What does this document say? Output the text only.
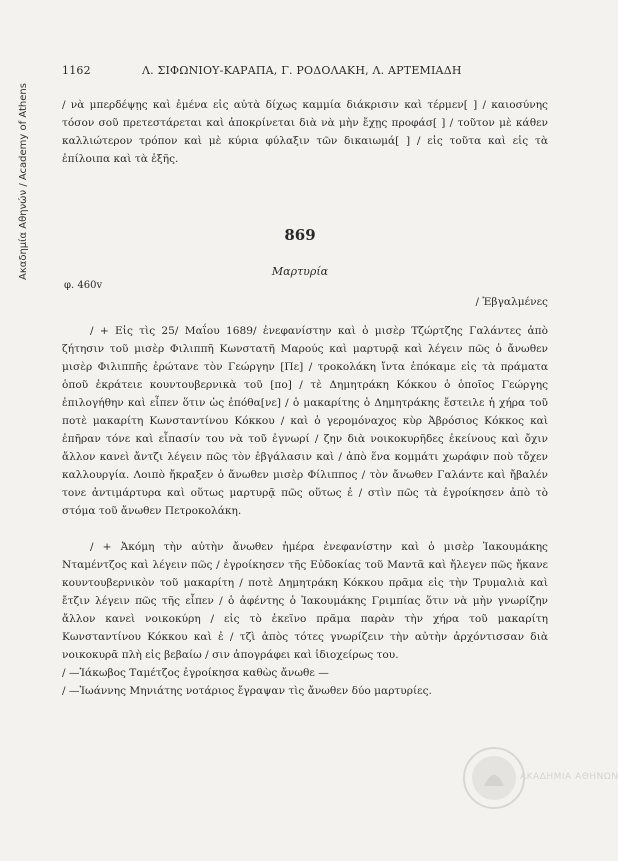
Ακαδημία Αθηνών / Academy of Athens
1162	Λ. ΣΙΦΩΝΙΟΥ-ΚΑΡΑΠΑ, Γ. ΡΟΔΟΛΑΚΗ, Λ. ΑΡΤΕΜΙΑΔΗ

/ νὰ μπερδέψῃς καὶ ἐμένα εἰς αὐτὰ δίχως καμμία διάκρισιν καὶ τέρμεν[ ] / καιοσύνης τόσον σοῦ πρετεστάρεται καὶ ἀποκρίνεται διὰ νὰ μὴν ἔχῃς προφάσ[ ] / τοῦτον μὲ κάθεν καλλιώτερον τρόπον καὶ μὲ κύρια φύλαξιν τῶν δικαιωμά[ ] / εἰς τοῦτα καὶ εἰς τὰ ἐπίλοιπα καὶ τὰ ἑξῆς.

869
Μαρτυρία
φ. 460v
/ Ἐβγαλμένες

/ + Εἰς τὶς 25/ Μαΐου 1689/ ἐνεφανίστην καὶ ὁ μισὲρ Τζώρτζης Γαλάντες ἀπὸ ζήτησιν τοῦ μισὲρ Φιλιππῆ Κωνστατῆ Μαρούς καὶ μαρτυρᾷ καὶ λέγειν πῶς ὁ ἄνωθεν μισὲρ Φιλιππῆς ἐρώτανε τὸν Γεώργην [Πε] / τροκολάκη ἴντα ἐπόκαμε εἰς τὰ πράματα ὁποῦ ἐκράτειε κουντουβερνικὰ τοῦ [πο] / τὲ Δημητράκη Κόκκου ὁ ὁποῖος Γεώργης ἐπιλογήθην καὶ εἶπεν ὅτιν ὡς ἐπόθα[νε] / ὁ μακαρίτης ὁ Δημητράκης ἔστειλε ἡ χήρα τοῦ ποτὲ μακαρίτη Κωνσταντίνου Κόκκου / καὶ ὁ γερομόναχος κὺρ Ἀβρόσιος Κόκκος καὶ ἐπῆραν τόνε καὶ εἶπασίν του νὰ τοῦ ἐγνωρί / ζην διὰ νοικοκυρῆδες ἐκείνους καὶ ὄχιν ἄλλον κανεὶ ἄντζι λέγειν πῶς τὸν ἐβγάλασιν καὶ / ἀπὸ ἕνα κομμάτι χωράφιν ποὺ τὄχεν καλλουργία. Λοιπὸ ἤκραξεν ὁ ἄνωθεν μισὲρ Φίλιππος / τὸν ἄνωθεν Γαλάντε καὶ ἤβαλέν τονε ἀντιμάρτυρα καὶ οὕτως μαρτυρᾷ πῶς οὕτως ἐ / στὶν πῶς τὰ ἐγροίκησεν ἀπὸ τὸ στόμα τοῦ ἄνωθεν Πετροκολάκη.

/ + Ἀκόμη τὴν αὐτὴν ἄνωθεν ἡμέρα ἐνεφανίστην καὶ ὁ μισὲρ Ἰακουμάκης Νταμέντζος καὶ λέγειν πῶς / ἐγροίκησεν τῆς Εὐδοκίας τοῦ Μαντᾶ καὶ ἤλεγεν πῶς ἤκανε κουντουβερνικὸν τοῦ μακαρίτη / ποτὲ Δημητράκη Κόκκου πρᾶμα εἰς τὴν Τρυμαλιὰ καὶ ἔτζιν λέγειν πῶς τῆς εἶπεν / ὁ ἀφέντης ὁ Ἰακουμάκης Γριμπίας ὅτιν νὰ μὴν γνωρίζην ἄλλον κανεὶ νοικοκύρη / εἰς τὸ ἐκεῖνο πρᾶμα παρὰν τὴν χήρα τοῦ μακαρίτη Κωνσταντίνου Κόκκου καὶ ἐ / τζὶ ἀπὸς τότες γνωρίζειν τὴν αὐτὴν ἀρχόντισσαν διὰ νοικοκυρᾶ πλὴ εἰς βεβαίω / σιν ἀπογράφει καὶ ἰδιοχείρως του.

/ —Ἰάκωβος Ταμέτζος ἐγροίκησα καθὼς ἄνωθε —

/ —Ἰωάννης Μηνιάτης νοτάριος ἔγραψαν τὶς ἄνωθεν δύο μαρτυρίες.

ΑΚΑΔΗΜΙΑ ΑΘΗΝΩΝ
